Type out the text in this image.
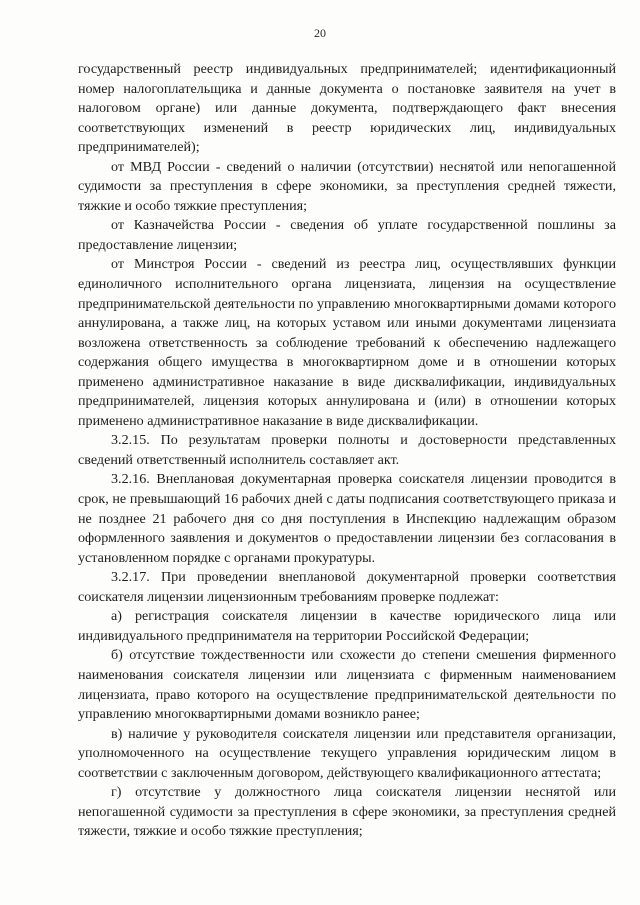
20

государственный реестр индивидуальных предпринимателей; идентификационный номер налогоплательщика и данные документа о постановке заявителя на учет в налоговом органе) или данные документа, подтверждающего факт внесения соответствующих изменений в реестр юридических лиц, индивидуальных предпринимателей);

от МВД России - сведений о наличии (отсутствии) неснятой или непогашенной судимости за преступления в сфере экономики, за преступления средней тяжести, тяжкие и особо тяжкие преступления;

от Казначейства России - сведения об уплате государственной пошлины за предоставление лицензии;

от Минстроя России - сведений из реестра лиц, осуществлявших функции единоличного исполнительного органа лицензиата, лицензия на осуществление предпринимательской деятельности по управлению многоквартирными домами которого аннулирована, а также лиц, на которых уставом или иными документами лицензиата возложена ответственность за соблюдение требований к обеспечению надлежащего содержания общего имущества в многоквартирном доме и в отношении которых применено административное наказание в виде дисквалификации, индивидуальных предпринимателей, лицензия которых аннулирована и (или) в отношении которых применено административное наказание в виде дисквалификации.

3.2.15. По результатам проверки полноты и достоверности представленных сведений ответственный исполнитель составляет акт.

3.2.16. Внеплановая документарная проверка соискателя лицензии проводится в срок, не превышающий 16 рабочих дней с даты подписания соответствующего приказа и не позднее 21 рабочего дня со дня поступления в Инспекцию надлежащим образом оформленного заявления и документов о предоставлении лицензии без согласования в установленном порядке с органами прокуратуры.

3.2.17. При проведении внеплановой документарной проверки соответствия соискателя лицензии лицензионным требованиям проверке подлежат:

а) регистрация соискателя лицензии в качестве юридического лица или индивидуального предпринимателя на территории Российской Федерации;

б) отсутствие тождественности или схожести до степени смешения фирменного наименования соискателя лицензии или лицензиата с фирменным наименованием лицензиата, право которого на осуществление предпринимательской деятельности по управлению многоквартирными домами возникло ранее;

в) наличие у руководителя соискателя лицензии или представителя организации, уполномоченного на осуществление текущего управления юридическим лицом в соответствии с заключенным договором, действующего квалификационного аттестата;

г) отсутствие у должностного лица соискателя лицензии неснятой или непогашенной судимости за преступления в сфере экономики, за преступления средней тяжести, тяжкие и особо тяжкие преступления;
